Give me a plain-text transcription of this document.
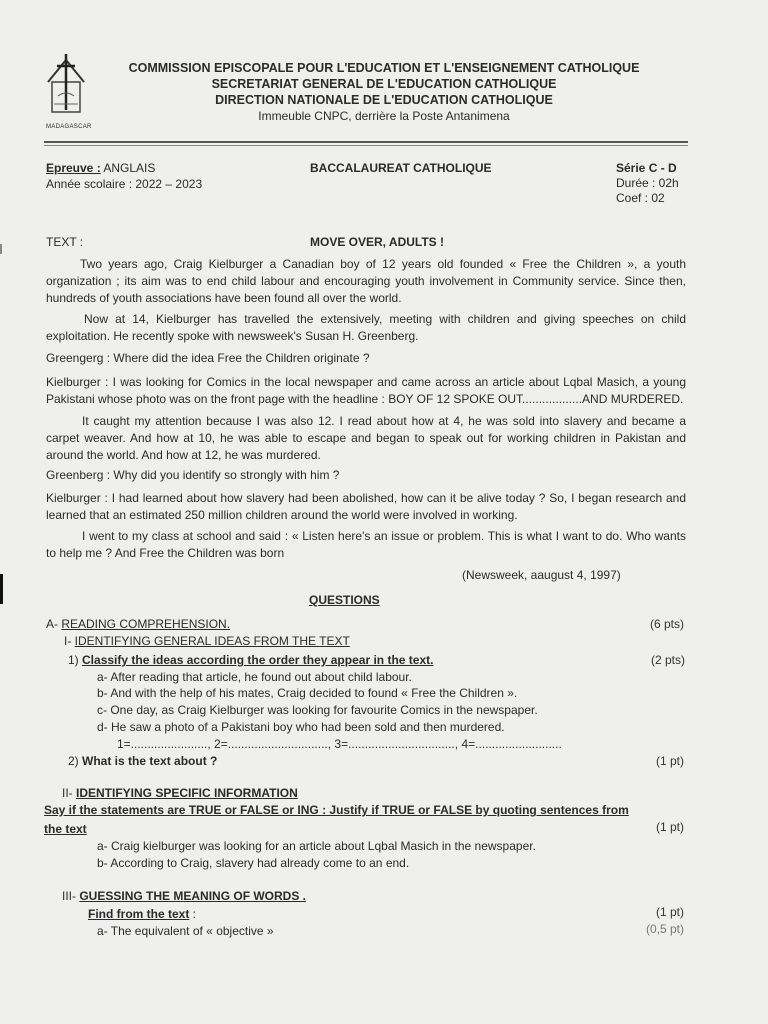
MADAGASCAR
COMMISSION EPISCOPALE POUR L'EDUCATION ET L'ENSEIGNEMENT CATHOLIQUE
SECRETARIAT GENERAL DE L'EDUCATION CATHOLIQUE
DIRECTION NATIONALE DE L'EDUCATION CATHOLIQUE
Immeuble CNPC, derrière la Poste Antanimena
Epreuve : ANGLAIS
Année scolaire : 2022 – 2023
BACCALAUREAT CATHOLIQUE	Série C - D
Durée : 02h
Coef : 02
TEXT :	MOVE OVER, ADULTS !

Two years ago, Craig Kielburger a Canadian boy of 12 years old founded « Free the Children », a youth organization ; its aim was to end child labour and encouraging youth involvement in Community service. Since then, hundreds of youth associations have been found all over the world.

Now at 14, Kielburger has travelled the extensively, meeting with children and giving speeches on child exploitation. He recently spoke with newsweek's Susan H. Greenberg.

Greengerg : Where did the idea Free the Children originate ?

Kielburger : I was looking for Comics in the local newspaper and came across an article about Lqbal Masich, a young Pakistani whose photo was on the front page with the headline : BOY OF 12 SPOKE OUT..................AND MURDERED.

It caught my attention because I was also 12. I read about how at 4, he was sold into slavery and became a carpet weaver. And how at 10, he was able to escape and began to speak out for working children in Pakistan and around the world. And how at 12, he was murdered.

Greenberg : Why did you identify so strongly with him ?

Kielburger : I had learned about how slavery had been abolished, how can it be alive today ? So, I began research and learned that an estimated 250 million children around the world were involved in working.

I went to my class at school and said : « Listen here's an issue or problem. This is what I want to do. Who wants to help me ? And Free the Children was born

(Newsweek, aaugust 4, 1997)
QUESTIONS
A- READING COMPREHENSION.	(6 pts)
I- IDENTIFYING GENERAL IDEAS FROM THE TEXT
1) Classify the ideas according the order they appear in the text.	(2 pts)
a- After reading that article, he found out about child labour.
b- And with the help of his mates, Craig decided to found « Free the Children ».
c- One day, as Craig Kielburger was looking for favourite Comics in the newspaper.
d- He saw a photo of a Pakistani boy who had been sold and then murdered.
1=......................., 2=.............................., 3=................................, 4=..........................
2) What is the text about ?	(1 pt)
II- IDENTIFYING SPECIFIC INFORMATION
Say if the statements are TRUE or FALSE or ING : Justify if TRUE or FALSE by quoting sentences from
the text	(1 pt)
a- Craig kielburger was looking for an article about Lqbal Masich in the newspaper.
b- According to Craig, slavery had already come to an end.
III- GUESSING THE MEANING OF WORDS .
Find from the text :	(1 pt)
a- The equivalent of « objective »	(0,5 pt)
